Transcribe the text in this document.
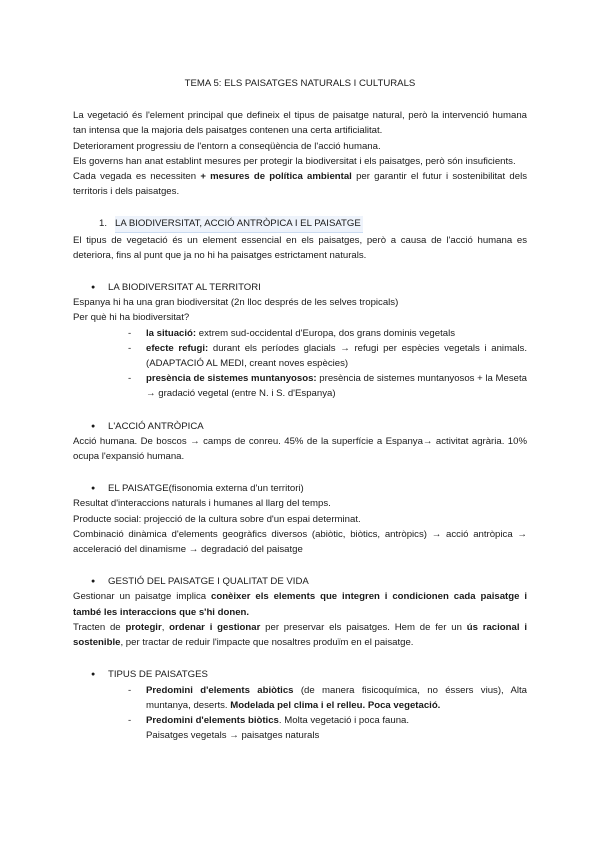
TEMA 5: ELS PAISATGES NATURALS I CULTURALS

La vegetació és l'element principal que defineix el tipus de paisatge natural, però la intervenció humana tan intensa que la majoria dels paisatges contenen una certa artificialitat.

Deteriorament progressiu de l'entorn a conseqüència de l'acció humana.

Els governs han anat establint mesures per protegir la biodiversitat i els paisatges, però són insuficients.

Cada vegada es necessiten + mesures de política ambiental per garantir el futur i sostenibilitat dels territoris i dels paisatges.

1. LA BIODIVERSITAT, ACCIÓ ANTRÒPICA I EL PAISATGE

El tipus de vegetació és un element essencial en els paisatges, però a causa de l'acció humana es deteriora, fins al punt que ja no hi ha paisatges estrictament naturals.

●	LA BIODIVERSITAT AL TERRITORI

Espanya hi ha una gran biodiversitat (2n lloc després de les selves tropicals)

Per què hi ha biodiversitat?

-	la situació: extrem sud-occidental d'Europa, dos grans dominis vegetals
-	efecte refugi: durant els períodes glacials → refugi per espècies vegetals i animals.(ADAPTACIÓ AL MEDI, creant noves espècies)
-	presència de sistemes muntanyosos: presència de sistemes muntanyosos + la Meseta → gradació vegetal (entre N. i S. d'Espanya)
●	L'ACCIÓ ANTRÒPICA

Acció humana. De boscos → camps de conreu. 45% de la superfície a Espanya→ activitat agrària. 10% ocupa l'expansió humana.

●	EL PAISATGE(fisonomia externa d'un territori)

Resultat d'interaccions naturals i humanes al llarg del temps.

Producte social: projecció de la cultura sobre d'un espai determinat.

Combinació dinàmica d'elements geogràfics diversos (abiòtic, biòtics, antròpics) → acció antròpica → acceleració del dinamisme → degradació del paisatge

●	GESTIÓ DEL PAISATGE I QUALITAT DE VIDA

Gestionar un paisatge implica conèixer els elements que integren i condicionen cada paisatge i també les interaccions que s'hi donen.

Tracten de protegir, ordenar i gestionar per preservar els paisatges. Hem de fer un ús racional i sostenible, per tractar de reduir l'impacte que nosaltres produïm en el paisatge.

●	TIPUS DE PAISATGES
-	Predomini d'elements abiòtics (de manera fisicoquímica, no éssers vius), Alta muntanya, deserts. Modelada pel clima i el relleu. Poca vegetació.
-	Predomini d'elements biòtics. Molta vegetació i poca fauna.
Paisatges vegetals → paisatges naturals
